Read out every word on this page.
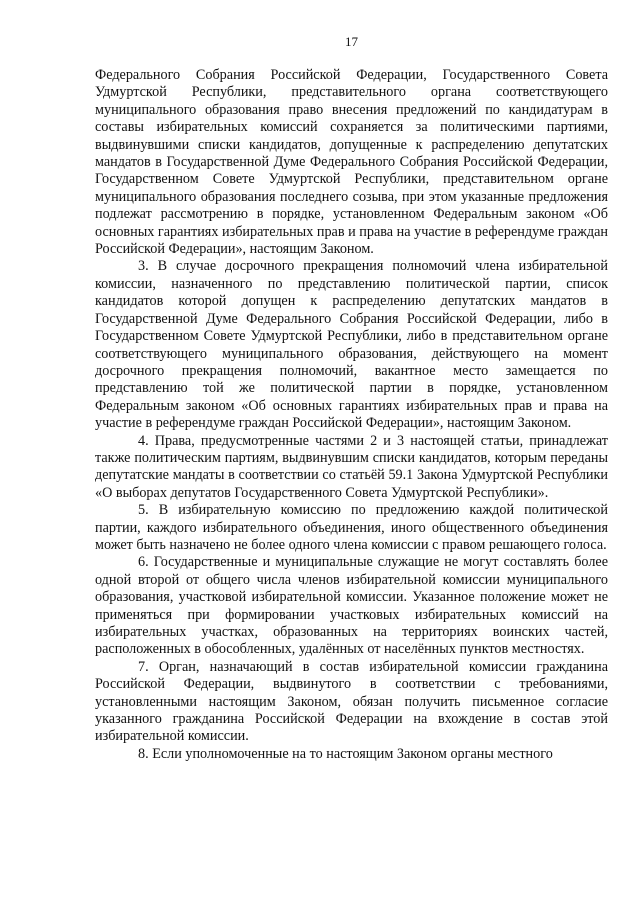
17

Федерального Собрания Российской Федерации, Государственного Совета Удмуртской Республики, представительного органа соответствующего муниципального образования право внесения предложений по кандидатурам в составы избирательных комиссий сохраняется за политическими партиями, выдвинувшими списки кандидатов, допущенные к распределению депутатских мандатов в Государственной Думе Федерального Собрания Российской Федерации, Государственном Совете Удмуртской Республики, представительном органе муниципального образования последнего созыва, при этом указанные предложения подлежат рассмотрению в порядке, установленном Федеральным законом «Об основных гарантиях избирательных прав и права на участие в референдуме граждан Российской Федерации», настоящим Законом.

3. В случае досрочного прекращения полномочий члена избирательной комиссии, назначенного по представлению политической партии, список кандидатов которой допущен к распределению депутатских мандатов в Государственной Думе Федерального Собрания Российской Федерации, либо в Государственном Совете Удмуртской Республики, либо в представительном органе соответствующего муниципального образования, действующего на момент досрочного прекращения полномочий, вакантное место замещается по представлению той же политической партии в порядке, установленном Федеральным законом «Об основных гарантиях избирательных прав и права на участие в референдуме граждан Российской Федерации», настоящим Законом.

4. Права, предусмотренные частями 2 и 3 настоящей статьи, принадлежат также политическим партиям, выдвинувшим списки кандидатов, которым переданы депутатские мандаты в соответствии со статьёй 59.1 Закона Удмуртской Республики «О выборах депутатов Государственного Совета Удмуртской Республики».

5. В избирательную комиссию по предложению каждой политической партии, каждого избирательного объединения, иного общественного объединения может быть назначено не более одного члена комиссии с правом решающего голоса.

6. Государственные и муниципальные служащие не могут составлять более одной второй от общего числа членов избирательной комиссии муниципального образования, участковой избирательной комиссии. Указанное положение может не применяться при формировании участковых избирательных комиссий на избирательных участках, образованных на территориях воинских частей, расположенных в обособленных, удалённых от населённых пунктов местностях.

7. Орган, назначающий в состав избирательной комиссии гражданина Российской Федерации, выдвинутого в соответствии с требованиями, установленными настоящим Законом, обязан получить письменное согласие указанного гражданина Российской Федерации на вхождение в состав этой избирательной комиссии.

8. Если уполномоченные на то настоящим Законом органы местного
